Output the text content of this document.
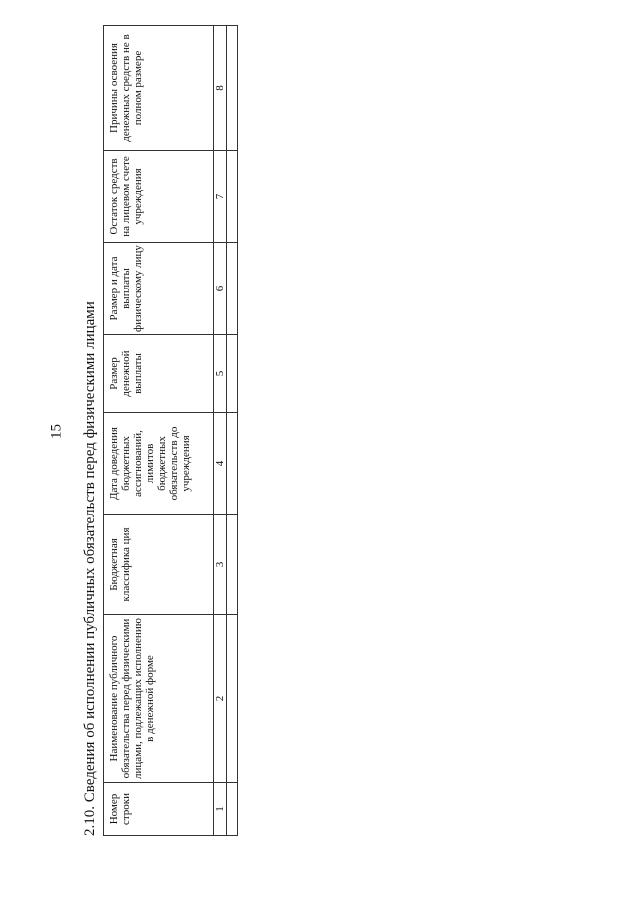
15 2.10. Сведения об исполнении публичных обязательств перед физическими лицами Номер строки	Наименование публичного обязательства перед физическими лицами, подлежащих исполнению в денежной форме	Бюджетная классифика ция	Дата доведения бюджетных ассигнований, лимитов бюджетных обязательств до учреждения	Размер денежной выплаты	Размер и дата выплаты физическому лицу	Остаток средств на лицевом счете учреждения	Причины освоения денежных средств не в полном размере
1	2	3	4	5	6	7	8
